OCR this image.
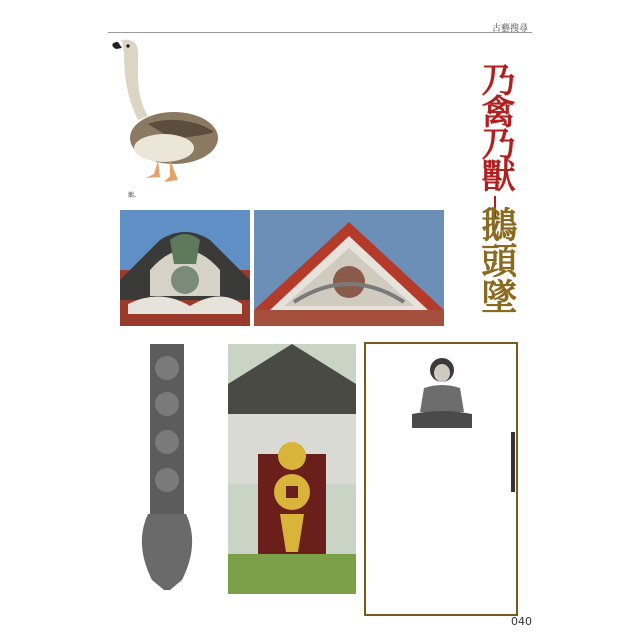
古藝搜尋
鵝。
乃禽乃獸
鵝頭墜
040
